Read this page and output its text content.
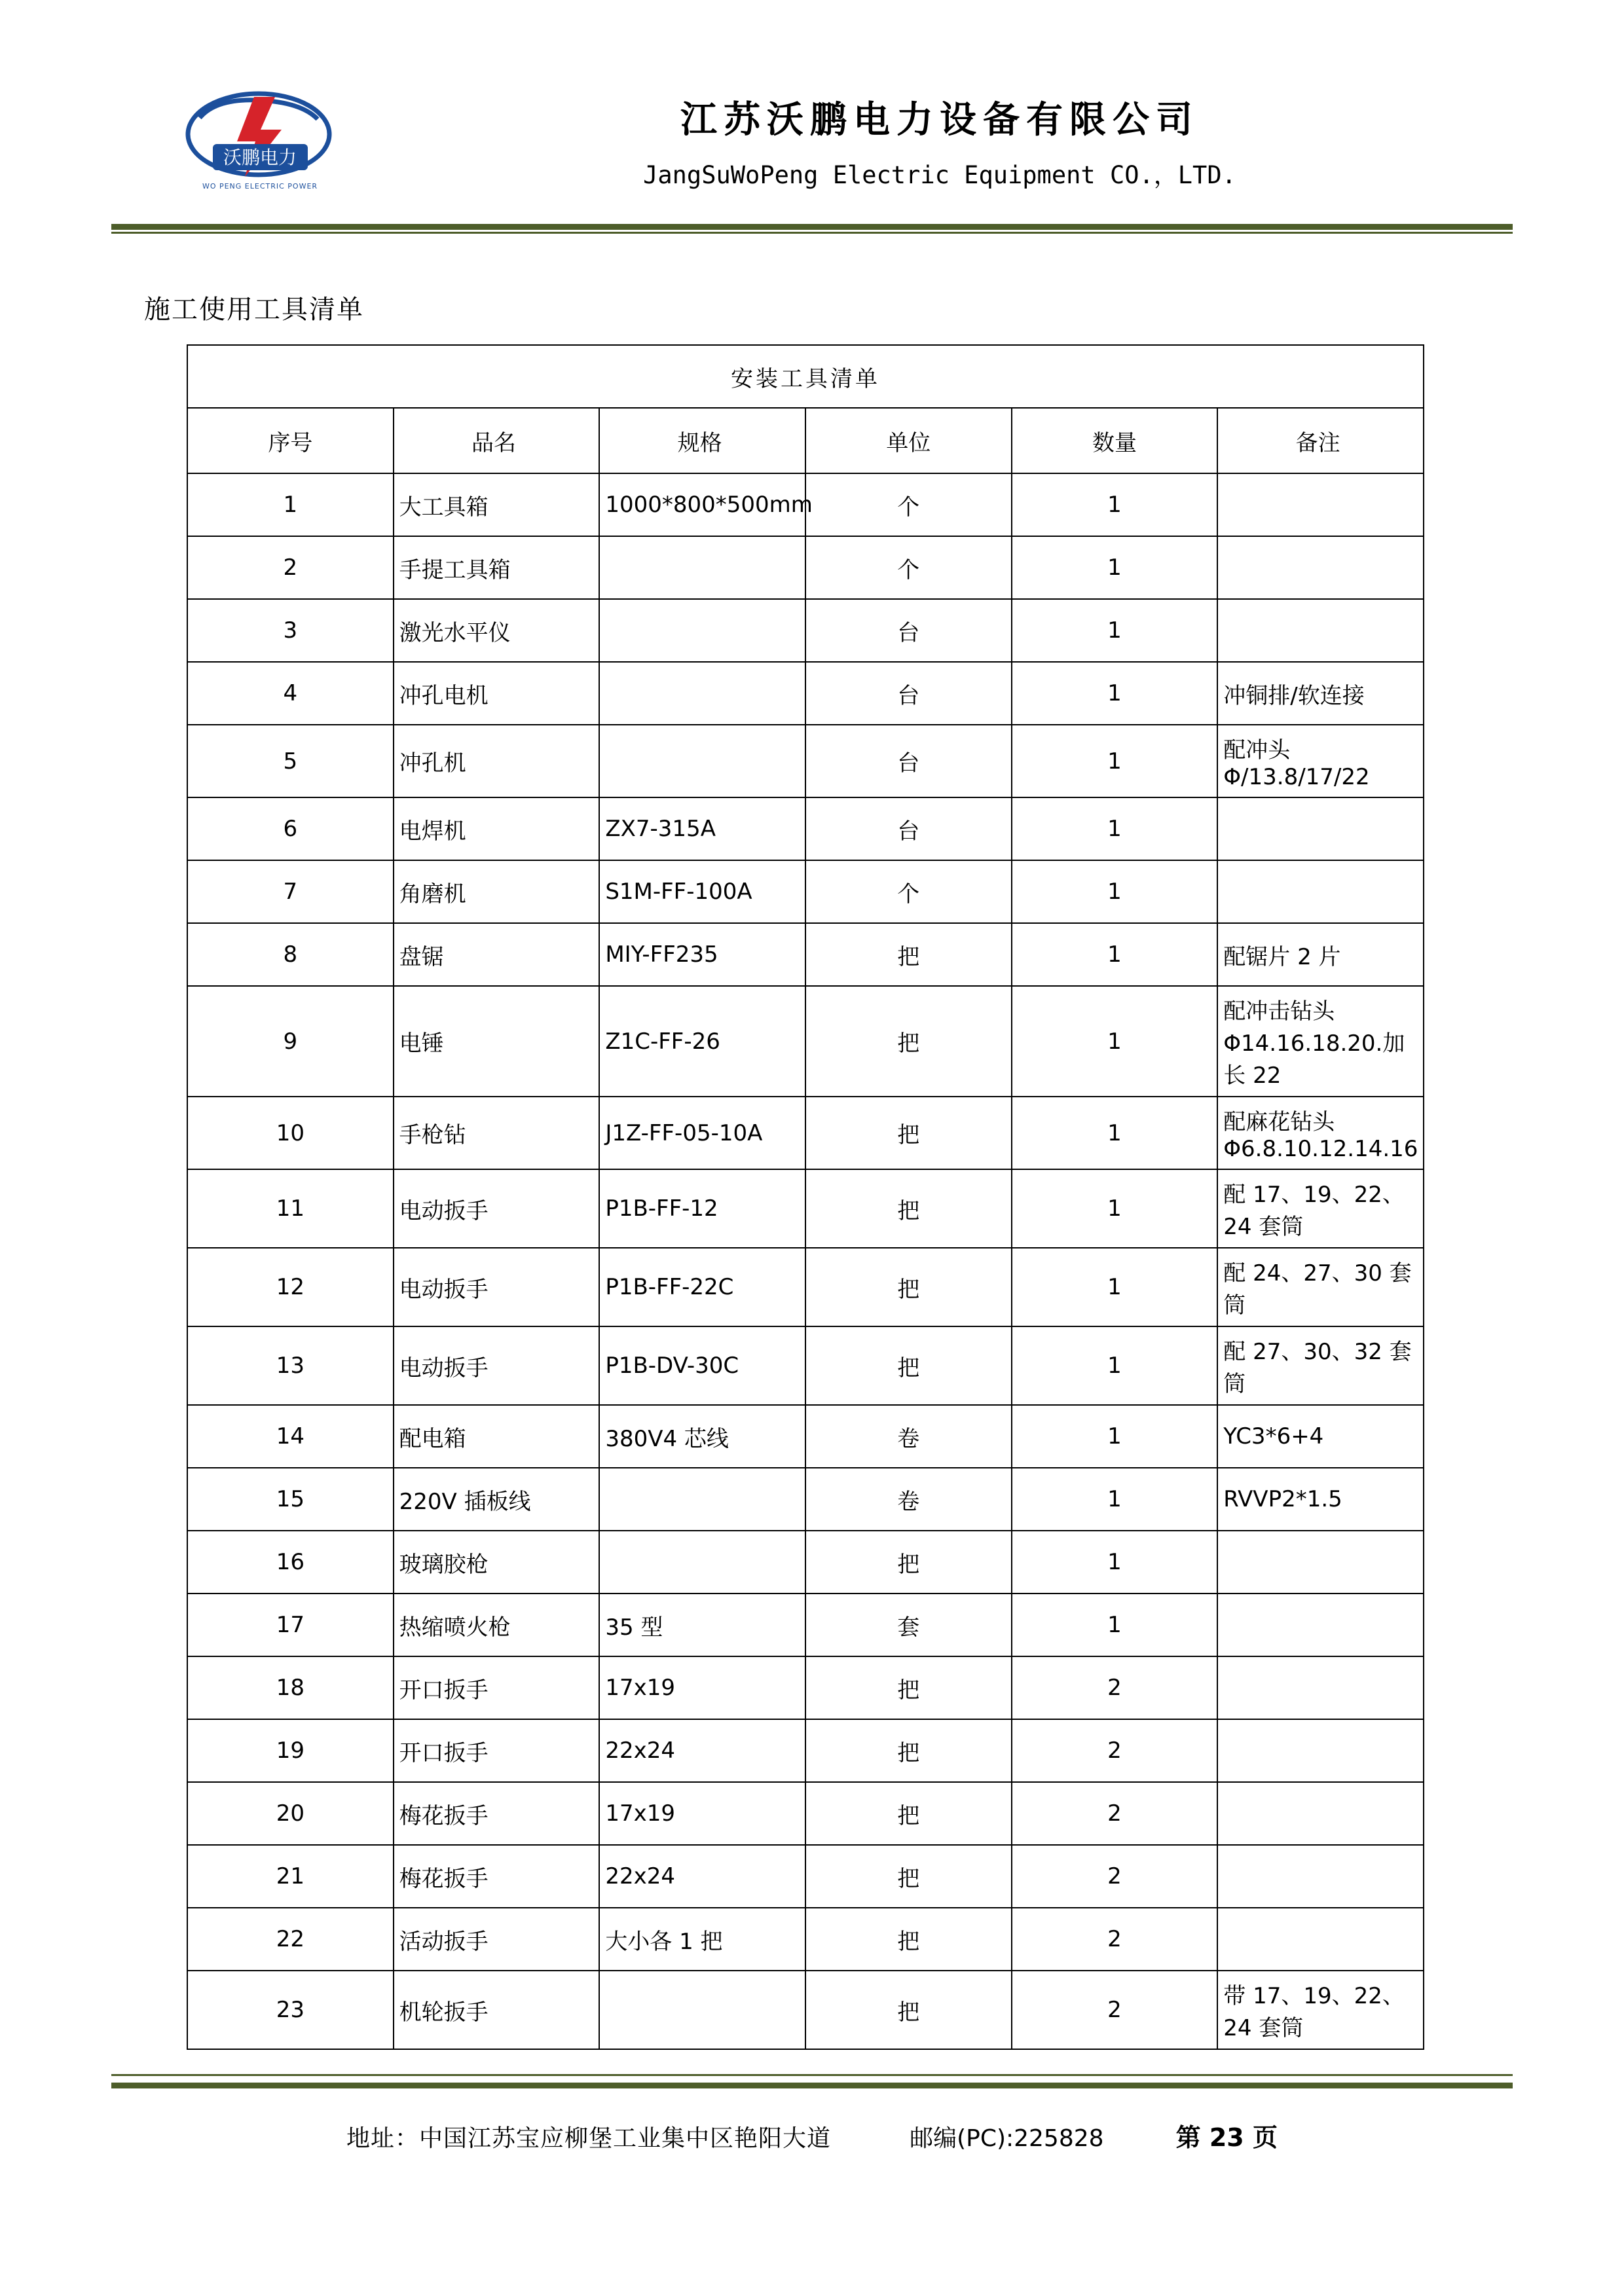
沃鹏电力
WO PENG ELECTRIC POWER
江苏沃鹏电力设备有限公司
JangSuWoPeng Electric Equipment CO.，LTD.
施工使用工具清单
安装工具清单					
序号	品名	规格	单位	数量	备注
1	大工具箱	1000*800*500mm	个	1	
2	手提工具箱		个	1	
3	激光水平仪		台	1	
4	冲孔电机		台	1	冲铜排/软连接
5	冲孔机		台	1	配冲头 Φ/13.8/17/22
6	电焊机	ZX7-315A	台	1	
7	角磨机	S1M-FF-100A	个	1	
8	盘锯	MIY-FF235	把	1	配锯片 2 片
9	电锤	Z1C-FF-26	把	1	配冲击钻头Φ14.16.18.20.加长 22
10	手枪钻	J1Z-FF-05-10A	把	1	配麻花钻头Φ6.8.10.12.14.16
11	电动扳手	P1B-FF-12	把	1	配 17、19、22、24 套筒
12	电动扳手	P1B-FF-22C	把	1	配 24、27、30 套筒
13	电动扳手	P1B-DV-30C	把	1	配 27、30、32 套筒
14	配电箱	380V4 芯线	卷	1	YC3*6+4
15	220V 插板线		卷	1	RVVP2*1.5
16	玻璃胶枪		把	1	
17	热缩喷火枪	35 型	套	1	
18	开口扳手	17x19	把	2	
19	开口扳手	22x24	把	2	
20	梅花扳手	17x19	把	2	
21	梅花扳手	22x24	把	2	
22	活动扳手	大小各 1 把	把	2	
23	机轮扳手		把	2	带 17、19、22、24 套筒
地址：中国江苏宝应柳堡工业集中区艳阳大道	邮编(PC):225828	第 23 页
